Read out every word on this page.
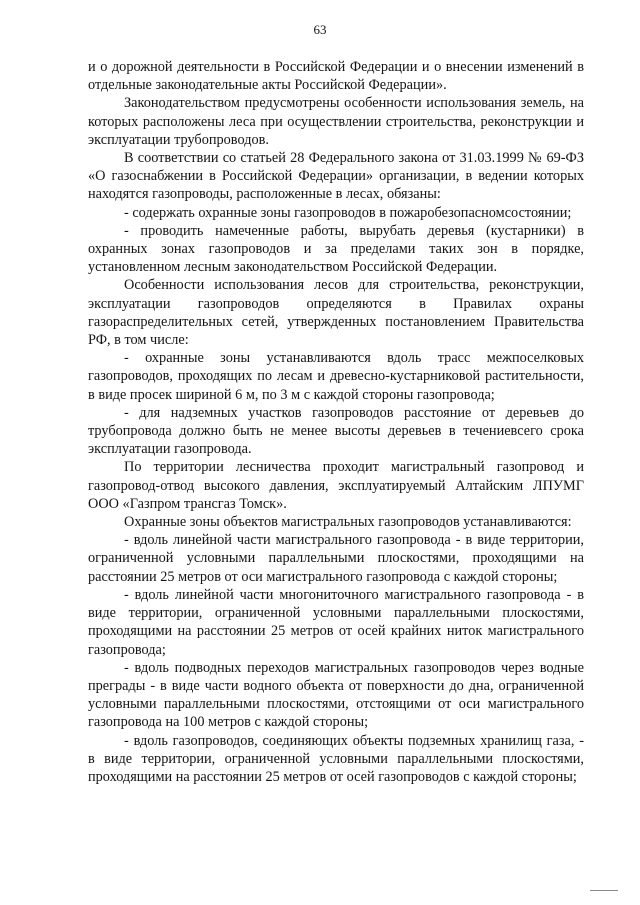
63

и о дорожной деятельности в Российской Федерации и о внесении изменений в отдельные законодательные акты Российской Федерации».

Законодательством предусмотрены особенности использования земель, на которых расположены леса при осуществлении строительства, реконструкции и эксплуатации трубопроводов.

В соответствии со статьей 28 Федерального закона от 31.03.1999 № 69-ФЗ «О газоснабжении в Российской Федерации» организации, в ведении которых находятся газопроводы, расположенные в лесах, обязаны:

- содержать охранные зоны газопроводов в пожаробезопасномсостоянии;

- проводить намеченные работы, вырубать деревья (кустарники) в охранных зонах газопроводов и за пределами таких зон в порядке, установленном лесным законодательством Российской Федерации.

Особенности использования лесов для строительства, реконструкции, эксплуатации газопроводов определяются в Правилах охраны газораспределительных сетей, утвержденных постановлением Правительства РФ, в том числе:

- охранные зоны устанавливаются вдоль трасс межпоселковых газопроводов, проходящих по лесам и древесно-кустарниковой растительности, в виде просек шириной 6 м, по 3 м с каждой стороны газопровода;

- для надземных участков газопроводов расстояние от деревьев до трубопровода должно быть не менее высоты деревьев в течениевсего срока эксплуатации газопровода.

По территории лесничества проходит магистральный газопровод и газопровод-отвод высокого давления, эксплуатируемый Алтайским ЛПУМГ ООО «Газпром трансгаз Томск».

Охранные зоны объектов магистральных газопроводов устанавливаются:

- вдоль линейной части магистрального газопровода - в виде территории, ограниченной условными параллельными плоскостями, проходящими на расстоянии 25 метров от оси магистрального газопровода с каждой стороны;

- вдоль линейной части многониточного магистрального газопровода - в виде территории, ограниченной условными параллельными плоскостями, проходящими на расстоянии 25 метров от осей крайних ниток магистрального газопровода;

- вдоль подводных переходов магистральных газопроводов через водные преграды - в виде части водного объекта от поверхности до дна, ограниченной условными параллельными плоскостями, отстоящими от оси магистрального газопровода на 100 метров с каждой стороны;

- вдоль газопроводов, соединяющих объекты подземных хранилищ газа, - в виде территории, ограниченной условными параллельными плоскостями, проходящими на расстоянии 25 метров от осей газопроводов с каждой стороны;
